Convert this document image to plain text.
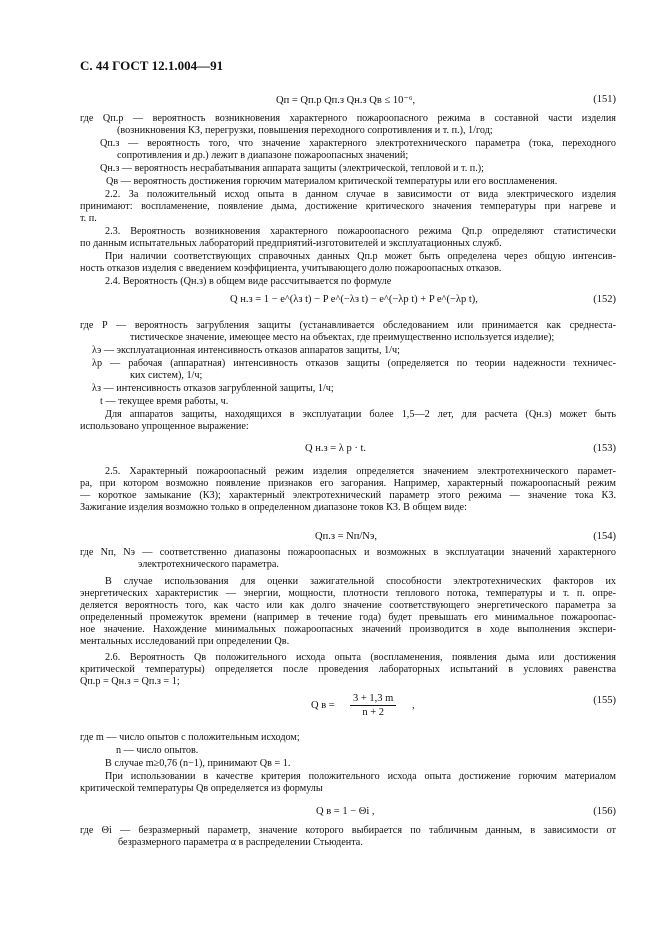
С. 44 ГОСТ 12.1.004—91
Qп = Qп.р Qп.з Qн.з Qв ≤ 10⁻⁶,	(151)
где Qп.р — вероятность возникновения характерного пожароопасного режима в составной части изделия
(возникновения КЗ, перегрузки, повышения переходного сопротивления и т. п.), 1/год;
Qп.з — вероятность того, что значение характерного электротехнического параметра (тока, переходного
сопротивления и др.) лежит в диапазоне пожароопасных значений;
Qн.з — вероятность несрабатывания аппарата защиты (электрической, тепловой и т. п.);
Qв — вероятность достижения горючим материалом критической температуры или его воспламенения.
2.2. За положительный исход опыта в данном случае в зависимости от вида электрического изделия
принимают: воспламенение, появление дыма, достижение критического значения температуры при нагреве и
т. п.
2.3. Вероятность возникновения характерного пожароопасного режима Qп.р определяют статистически
по данным испытательных лабораторий предприятий-изготовителей и эксплуатационных служб.
При наличии соответствующих справочных данных Qп.р может быть определена через общую интенсив-
ность отказов изделия с введением коэффициента, учитывающего долю пожароопасных отказов.
2.4. Вероятность (Qн.з) в общем виде рассчитывается по формуле
Q н.з = 1 − e^(λз t) − P e^(−λз t) − e^(−λр t) + P e^(−λр t),	(152)
где P — вероятность загрубления защиты (устанавливается обследованием или принимается как среднеста-
тистическое значение, имеющее место на объектах, где преимущественно используется изделие);
λэ — эксплуатационная интенсивность отказов аппаратов защиты, 1/ч;
λр — рабочая (аппаратная) интенсивность отказов защиты (определяется по теории надежности техничес-
ких систем), 1/ч;
λз — интенсивность отказов загрубленной защиты, 1/ч;
t — текущее время работы, ч.
Для аппаратов защиты, находящихся в эксплуатации более 1,5—2 лет, для расчета (Qн.з) может быть
использовано упрощенное выражение:
Q н.з = λ р · t.	(153)
2.5. Характерный пожароопасный режим изделия определяется значением электротехнического парамет-
ра, при котором возможно появление признаков его загорания. Например, характерный пожароопасный режим
— короткое замыкание (КЗ); характерный электротехнический параметр этого режима — значение тока КЗ.
Зажигание изделия возможно только в определенном диапазоне токов КЗ. В общем виде:
Qп.з = Nп/Nэ,	(154)
где Nп, Nэ — соответственно диапазоны пожароопасных и возможных в эксплуатации значений характерного
электротехнического параметра.
В случае использования для оценки зажигательной способности электротехнических факторов их
энергетических характеристик — энергии, мощности, плотности теплового потока, температуры и т. п. опре-
деляется вероятность того, как часто или как долго значение соответствующего энергетического параметра за
определенный промежуток времени (например в течение года) будет превышать его минимальное пожароопас-
ное значение. Нахождение минимальных пожароопасных значений производится в ходе выполнения экспери-
ментальных исследований при определении Qв.
2.6. Вероятность Qв положительного исхода опыта (воспламенения, появления дыма или достижения
критической температуры) определяется после проведения лабораторных испытаний в условиях равенства
Qп.р = Qн.з = Qп.з = 1;
Q $в = \frac{3 + 1,3 m}{n + 2}$ ,	(155)
где m — число опытов с положительным исходом;
n — число опытов.
В случае m≥0,76 (n−1), принимают Qв = 1.
При использовании в качестве критерия положительного исхода опыта достижение горючим материалом
критической температуры Qв определяется из формулы
Q в = 1 − Θi ,	(156)
где Θi — безразмерный параметр, значение которого выбирается по табличным данным, в зависимости от
безразмерного параметра α в распределении Стьюдента.
